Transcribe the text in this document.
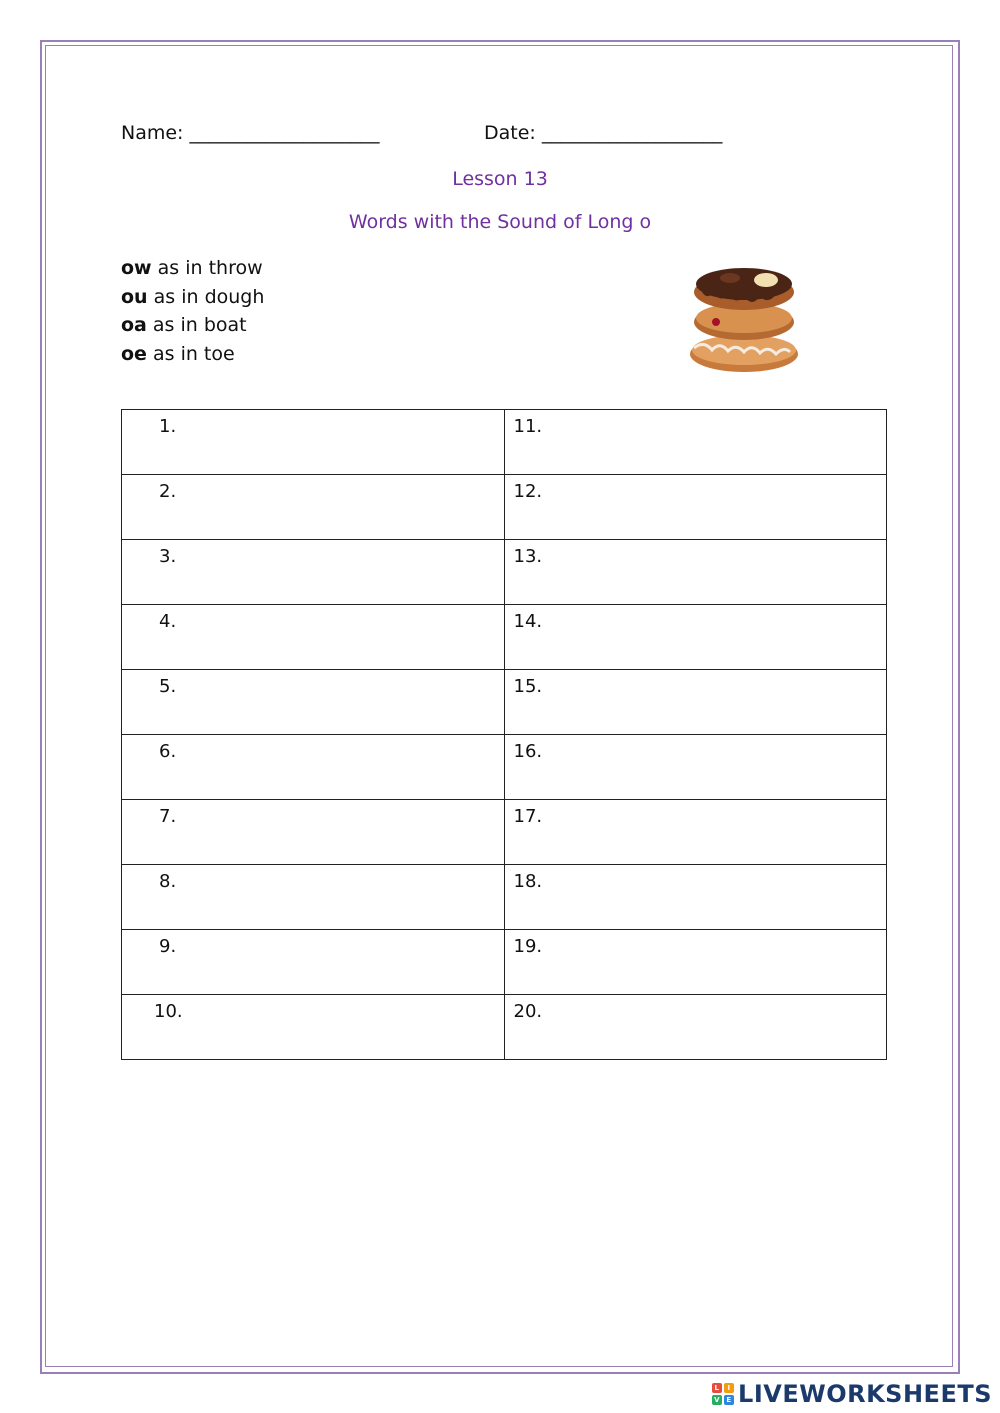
Name: ____________________	Date: ___________________
Lesson 13
Words with the Sound of Long o
ow as in throw
ou as in dough
oa as in boat
oe as in toe
1.	11.

2.	12.

3.	13.

4.	14.

5.	15.

6.	16.

7.	17.

8.	18.

9.	19.

10.	20.
L	I
V E LIVEWORKSHEETS
